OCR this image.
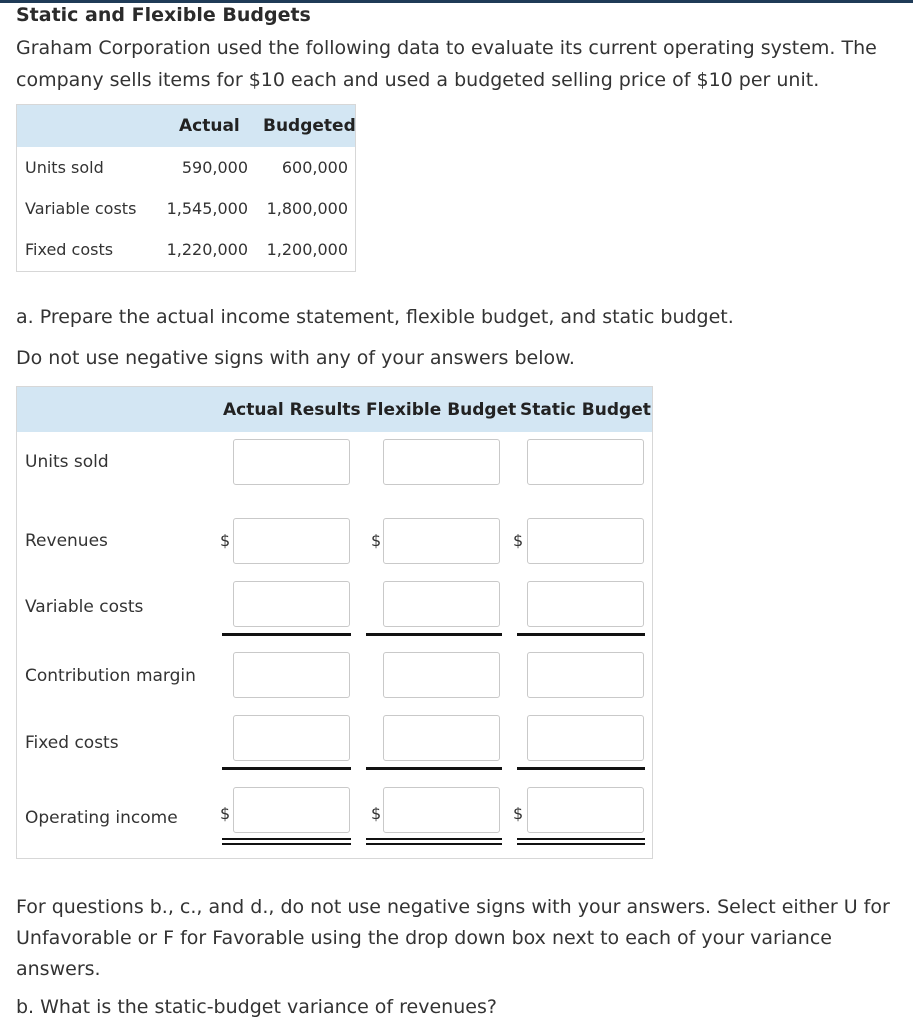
Static and Flexible Budgets

Graham Corporation used the following data to evaluate its current operating system. The company sells items for $10 each and used a budgeted selling price of $10 per unit.

Actual Budgeted
Units sold	590,000 600,000
Variable costs 1,545,000 1,800,000
Fixed costs	1,220,000 1,200,000
a. Prepare the actual income statement, flexible budget, and static budget.
Do not use negative signs with any of your answers below.
Actual Results Flexible Budget Static Budget
Units sold
Revenues	$	$	$
Variable costs
Contribution margin
Fixed costs
Operating income	$	$	$
For questions b., c., and d., do not use negative signs with your answers. Select either U for Unfavorable or F for Favorable using the drop down box next to each of your variance answers.
b. What is the static-budget variance of revenues?
